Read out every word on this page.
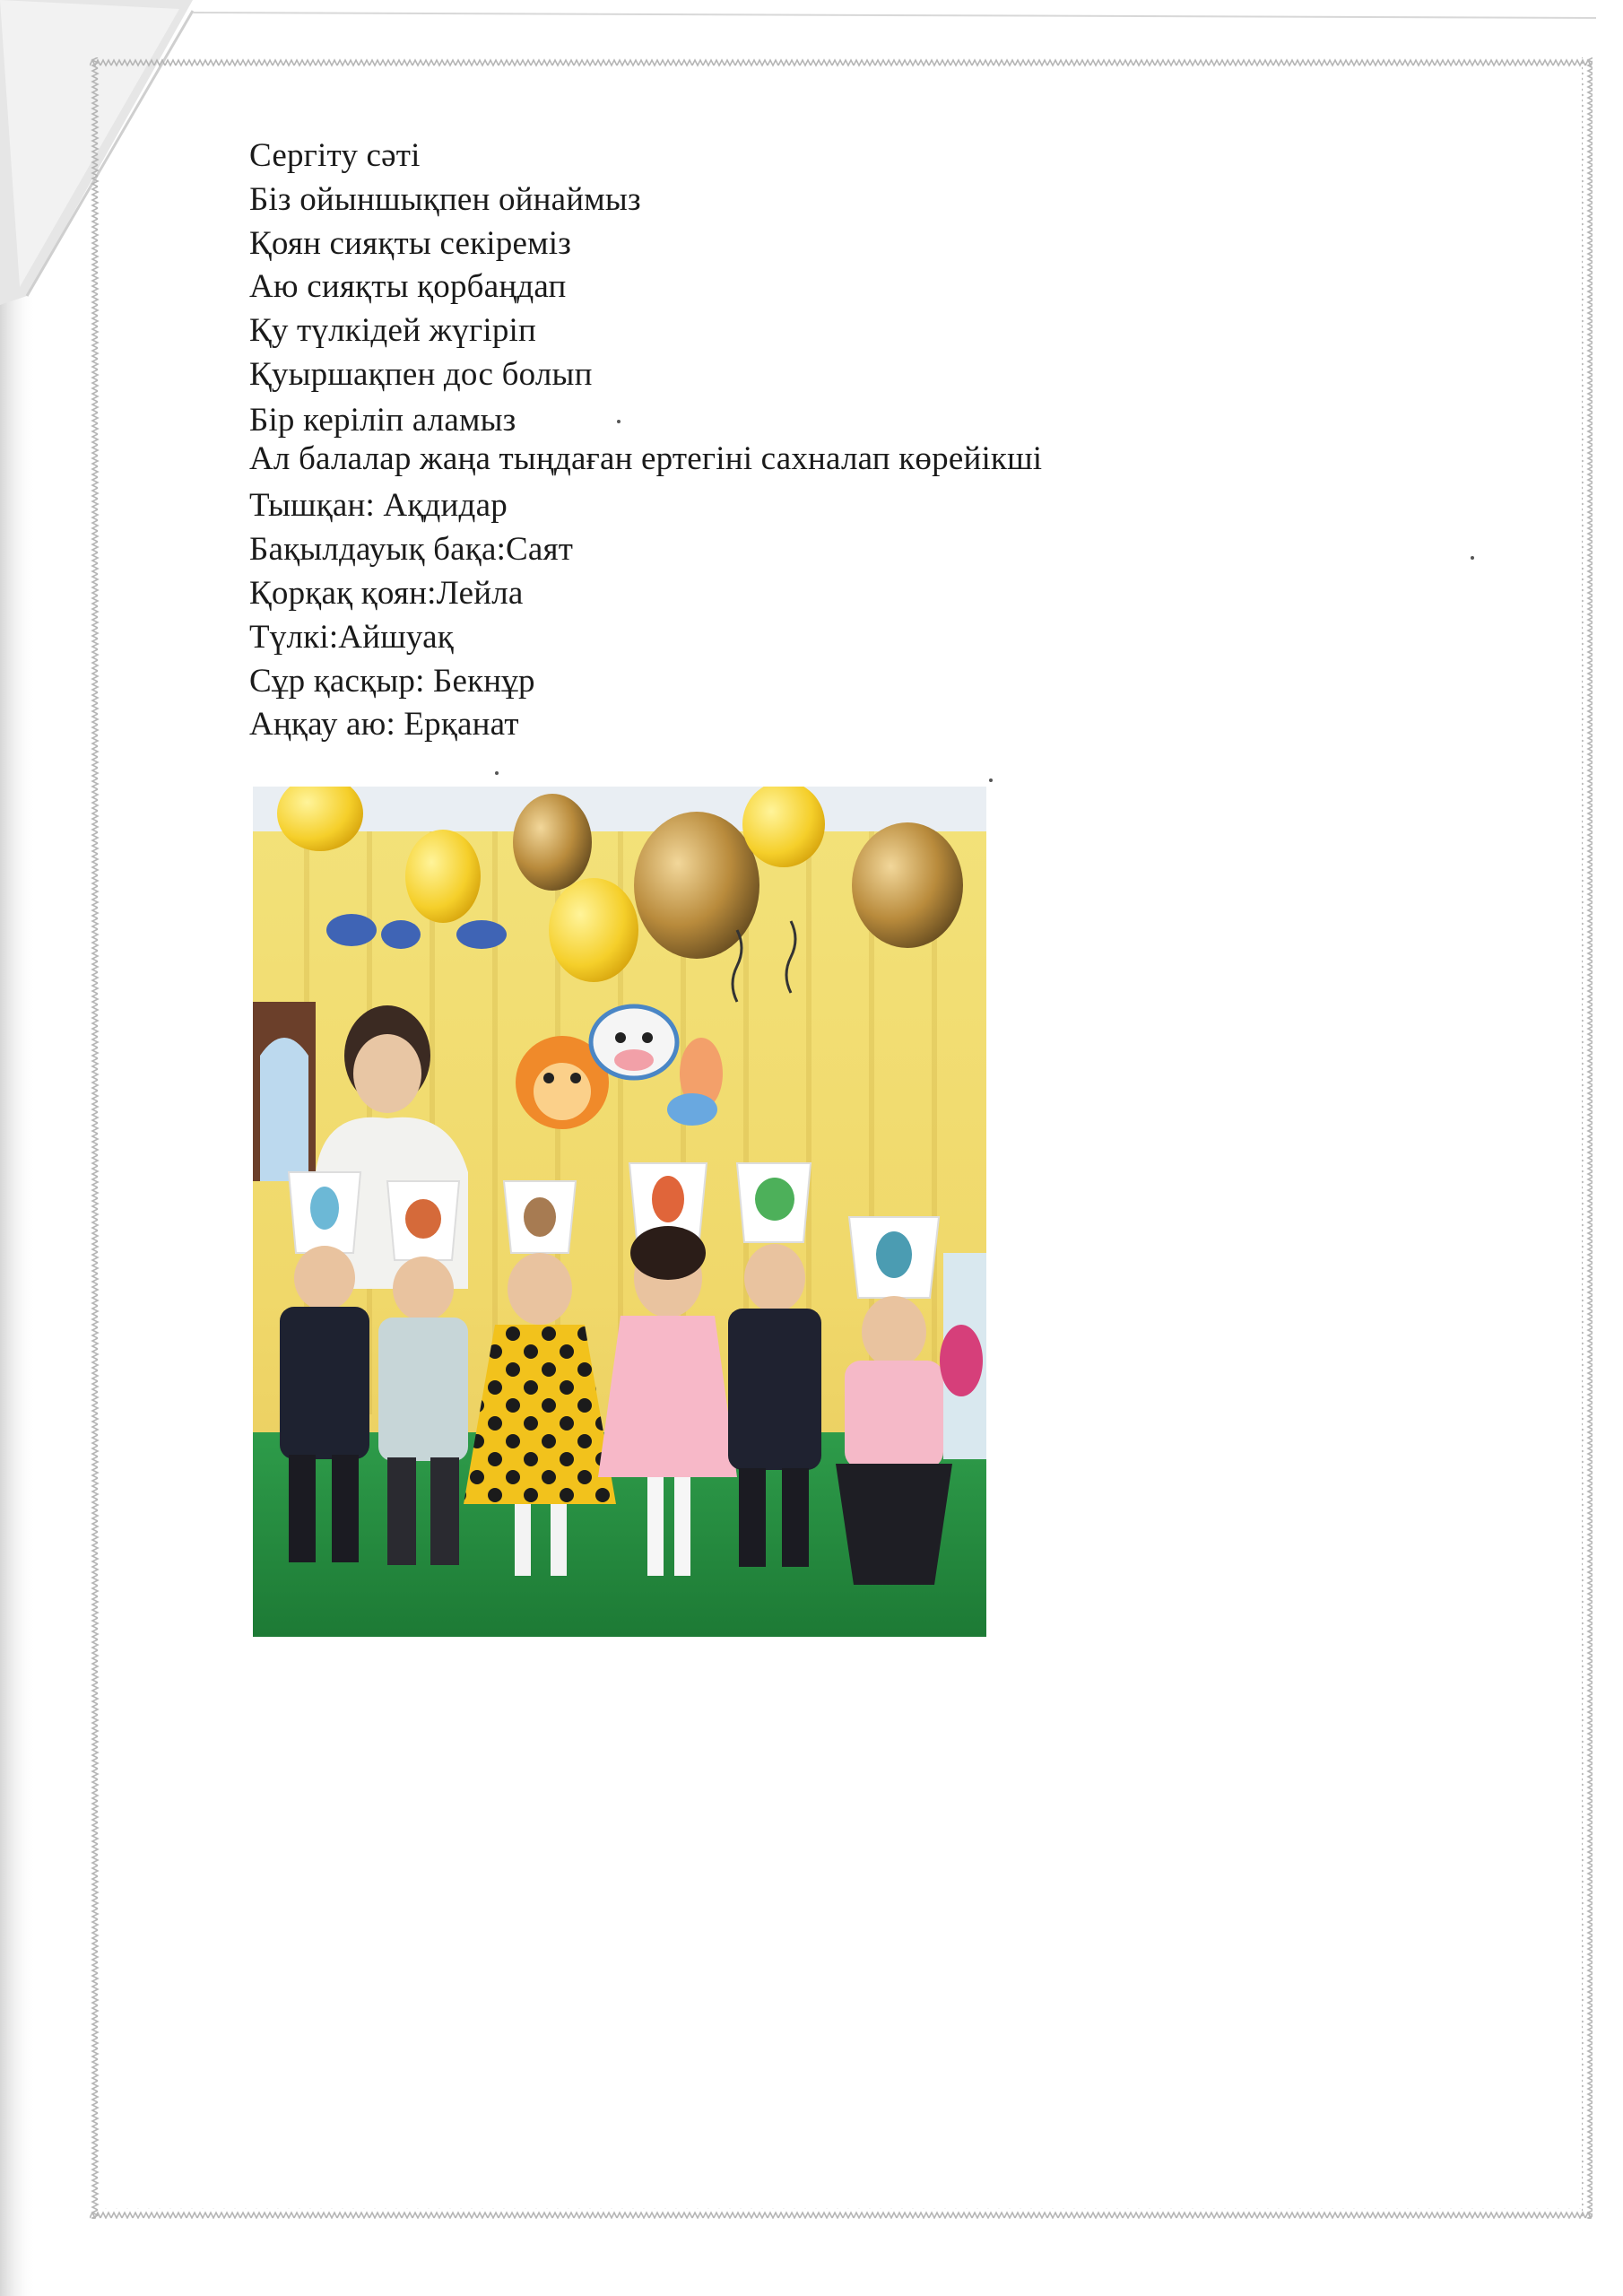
Сергіту сәті
Біз ойыншықпен ойнаймыз
Қоян сияқты секіреміз
Аю сияқты қорбаңдап
Қу түлкідей жүгіріп
Қуыршақпен дос болып
Бір керіліп аламыз
Ал балалар жаңа тыңдаған ертегіні сахналап көрейікші
Тышқан: Ақдидар
Бақылдауық бақа:Саят
Қорқақ қоян:Лейла
Түлкі:Айшуақ
Сұр қасқыр: Бекнұр
Аңқау аю: Ерқанат
